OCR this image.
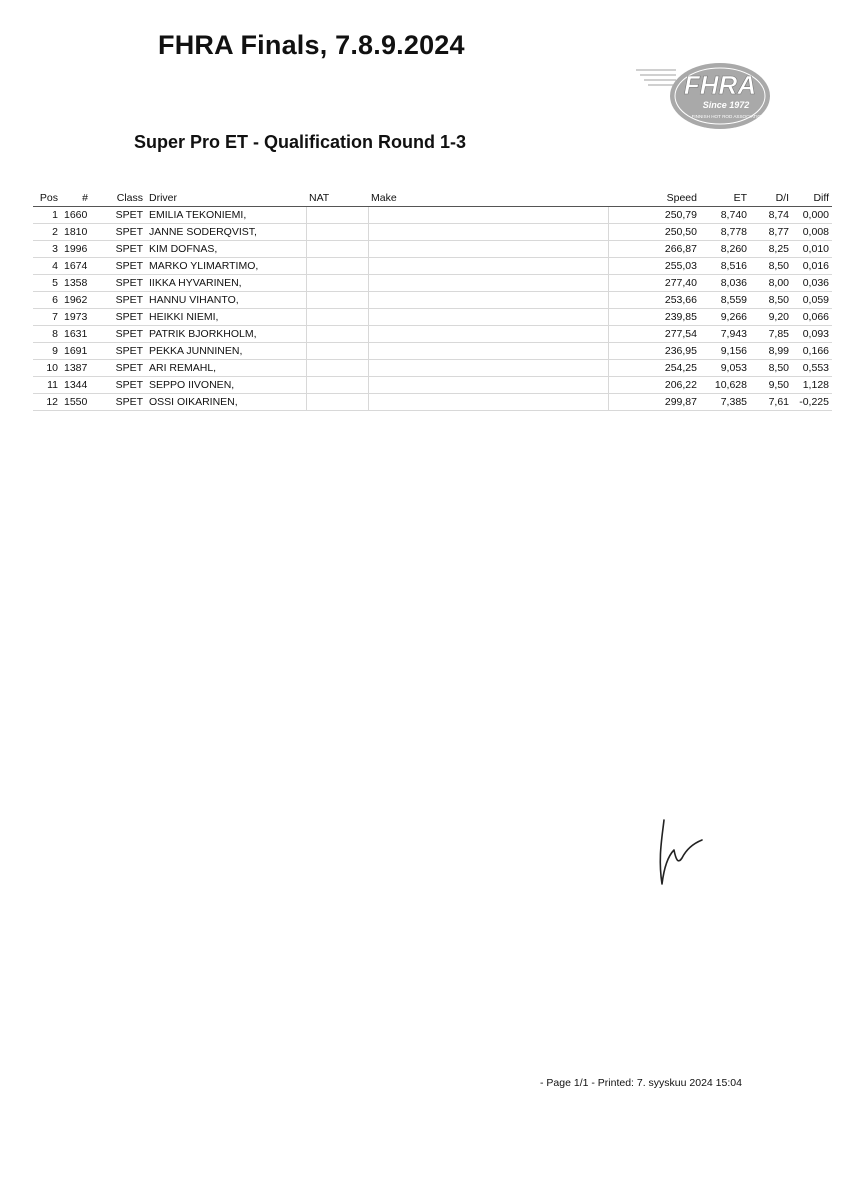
FHRA Finals, 7.8.9.2024
FHRA
Since 1972
FINNISH HOT ROD ASSOCIATION
Super Pro ET - Qualification Round 1-3
Pos	#	Class	Driver	NAT	Make	Speed	ET	D/I	Diff
1	1660	SPET	EMILIA TEKONIEMI,			250,79	8,740	8,74	0,000
2	1810	SPET	JANNE SODERQVIST,			250,50	8,778	8,77	0,008
3	1996	SPET	KIM DOFNAS,			266,87	8,260	8,25	0,010
4	1674	SPET	MARKO YLIMARTIMO,			255,03	8,516	8,50	0,016
5	1358	SPET	IIKKA HYVARINEN,			277,40	8,036	8,00	0,036
6	1962	SPET	HANNU VIHANTO,			253,66	8,559	8,50	0,059
7	1973	SPET	HEIKKI NIEMI,			239,85	9,266	9,20	0,066
8	1631	SPET	PATRIK BJORKHOLM,			277,54	7,943	7,85	0,093
9	1691	SPET	PEKKA JUNNINEN,			236,95	9,156	8,99	0,166
10	1387	SPET	ARI REMAHL,			254,25	9,053	8,50	0,553
11	1344	SPET	SEPPO IIVONEN,			206,22	10,628	9,50	1,128
12	1550	SPET	OSSI OIKARINEN,			299,87	7,385	7,61	-0,225
- Page 1/1 - Printed: 7. syyskuu 2024 15:04
